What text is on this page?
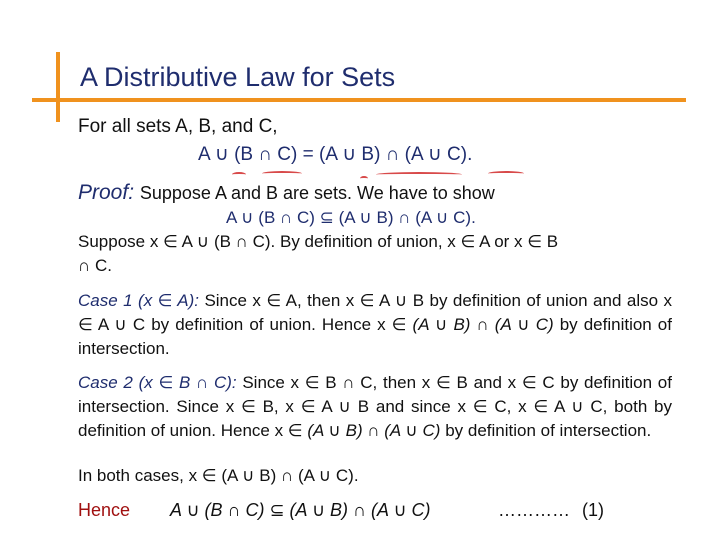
A Distributive Law for Sets
For all sets A, B, and C,
A ∪ (B ∩ C) = (A ∪ B) ∩ (A ∪ C).
Proof: Suppose A and B are sets. We have to show
A ∪ (B ∩ C) ⊆ (A ∪ B) ∩ (A ∪ C).
Suppose x ∈ A ∪ (B ∩ C). By definition of union, x ∈ A or x ∈ B
∩ C.
Case 1 (x ∈ A): Since x ∈ A, then x ∈ A ∪ B by definition of union and also x ∈ A ∪ C by definition of union. Hence x ∈ (A ∪ B) ∩ (A ∪ C) by definition of intersection.
Case 2 (x ∈ B ∩ C): Since x ∈ B ∩ C, then x ∈ B and x ∈ C by definition of intersection. Since x ∈ B, x ∈ A ∪ B and since x ∈ C, x ∈ A ∪ C, both by definition of union. Hence x ∈ (A ∪ B) ∩ (A ∪ C) by definition of intersection.
In both cases, x ∈ (A ∪ B) ∩ (A ∪ C).
Hence A ∪ (B ∩ C) ⊆ (A ∪ B) ∩ (A ∪ C)	………… (1)
